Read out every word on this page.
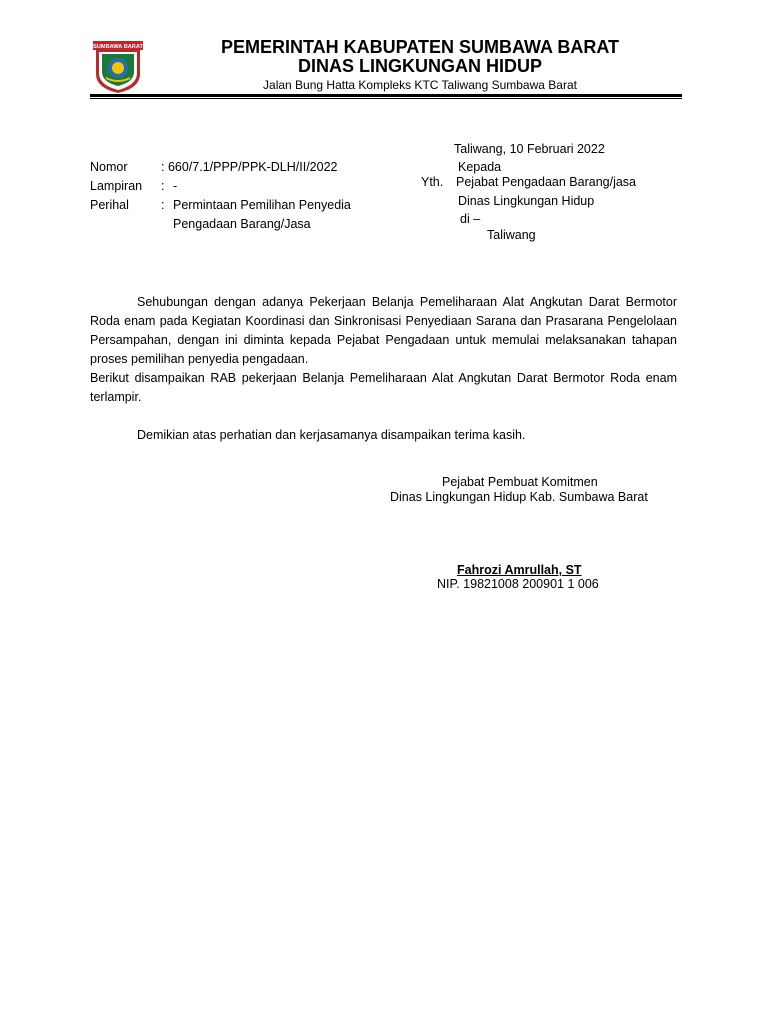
SUMBAWA BARAT	PEMERINTAH KABUPATEN SUMBAWA BARAT
DINAS LINGKUNGAN HIDUP
Jalan Bung Hatta Kompleks KTC Taliwang Sumbawa Barat
Taliwang, 10 Februari 2022
Nomor	: 660/7.1/PPP/PPK-DLH/II/2022
Lampiran : -
Perihal	: Permintaan Pemilihan Penyedia
Pengadaan Barang/Jasa
Kepada
Yth. Pejabat Pengadaan Barang/jasa
Dinas Lingkungan Hidup
di –
Taliwang
Sehubungan dengan adanya Pekerjaan Belanja Pemeliharaan Alat Angkutan Darat Bermotor Roda enam pada Kegiatan Koordinasi dan Sinkronisasi Penyediaan Sarana dan Prasarana Pengelolaan Persampahan, dengan ini diminta kepada Pejabat Pengadaan untuk memulai melaksanakan tahapan proses pemilihan penyedia pengadaan.
Berikut disampaikan RAB pekerjaan Belanja Pemeliharaan Alat Angkutan Darat Bermotor Roda enam terlampir.
Demikian atas perhatian dan kerjasamanya disampaikan terima kasih.
Pejabat Pembuat Komitmen
Dinas Lingkungan Hidup Kab. Sumbawa Barat
Fahrozi Amrullah, ST
NIP. 19821008 200901 1 006
